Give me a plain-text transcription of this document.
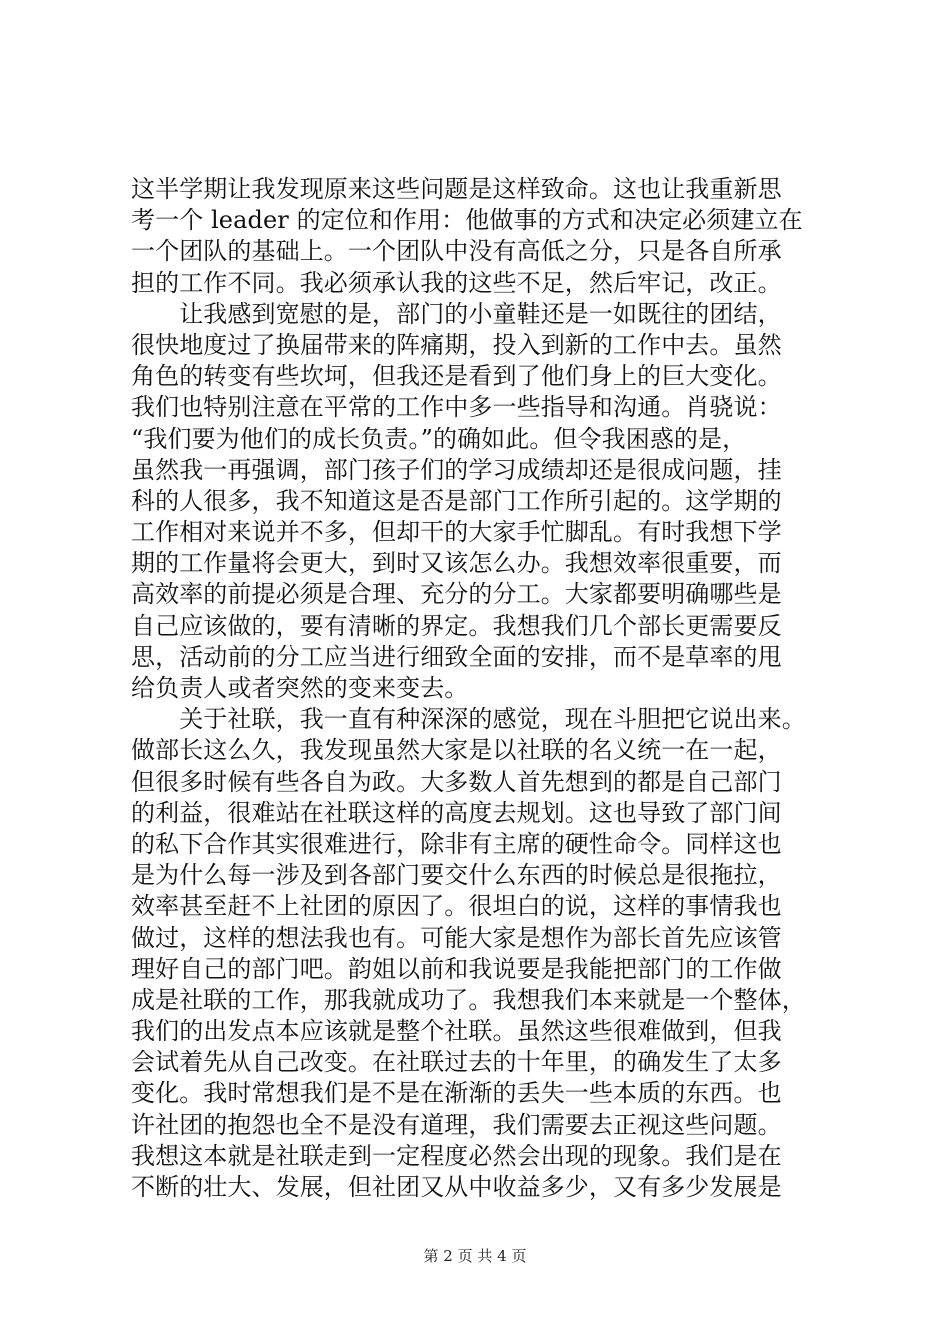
这半学期让我发现原来这些问题是这样致命。这也让我重新思
考一个 leader 的定位和作用：他做事的方式和决定必须建立在
一个团队的基础上。一个团队中没有高低之分，只是各自所承
担的工作不同。我必须承认我的这些不足，然后牢记，改正。
　　让我感到宽慰的是，部门的小童鞋还是一如既往的团结，
很快地度过了换届带来的阵痛期，投入到新的工作中去。虽然
角色的转变有些坎坷，但我还是看到了他们身上的巨大变化。
我们也特别注意在平常的工作中多一些指导和沟通。肖骁说：
“我们要为他们的成长负责。”的确如此。但令我困惑的是，
虽然我一再强调，部门孩子们的学习成绩却还是很成问题，挂
科的人很多，我不知道这是否是部门工作所引起的。这学期的
工作相对来说并不多，但却干的大家手忙脚乱。有时我想下学
期的工作量将会更大，到时又该怎么办。我想效率很重要，而
高效率的前提必须是合理、充分的分工。大家都要明确哪些是
自己应该做的，要有清晰的界定。我想我们几个部长更需要反
思，活动前的分工应当进行细致全面的安排，而不是草率的甩
给负责人或者突然的变来变去。
　　关于社联，我一直有种深深的感觉，现在斗胆把它说出来。
做部长这么久，我发现虽然大家是以社联的名义统一在一起，
但很多时候有些各自为政。大多数人首先想到的都是自己部门
的利益，很难站在社联这样的高度去规划。这也导致了部门间
的私下合作其实很难进行，除非有主席的硬性命令。同样这也
是为什么每一涉及到各部门要交什么东西的时候总是很拖拉，
效率甚至赶不上社团的原因了。很坦白的说，这样的事情我也
做过，这样的想法我也有。可能大家是想作为部长首先应该管
理好自己的部门吧。韵姐以前和我说要是我能把部门的工作做
成是社联的工作，那我就成功了。我想我们本来就是一个整体，
我们的出发点本应该就是整个社联。虽然这些很难做到，但我
会试着先从自己改变。在社联过去的十年里，的确发生了太多
变化。我时常想我们是不是在渐渐的丢失一些本质的东西。也
许社团的抱怨也全不是没有道理，我们需要去正视这些问题。
我想这本就是社联走到一定程度必然会出现的现象。我们是在
不断的壮大、发展，但社团又从中收益多少，又有多少发展是
第 2 页 共 4 页
